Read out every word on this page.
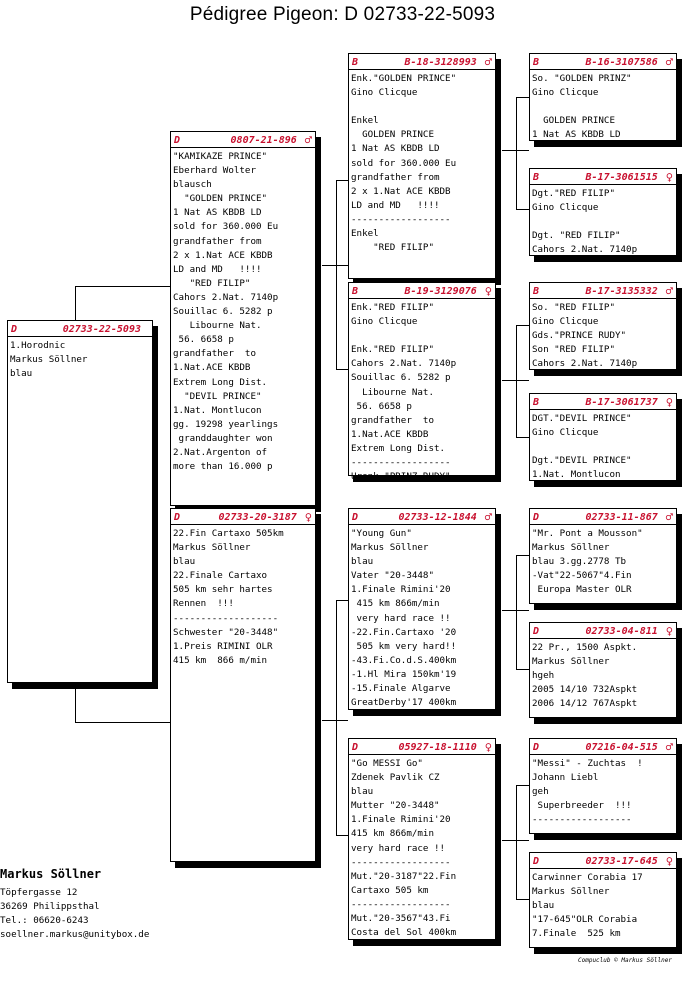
Pédigree Pigeon: D 02733-22-5093
D	02733-22-5093
1.Horodnic
Markus Söllner
blau
D	0807-21-896 ♂
"KAMIKAZE PRINCE"
Eberhard Wolter
blausch
"GOLDEN PRINCE"
1 Nat AS KBDB LD
sold for 360.000 Eu
grandfather from
2 x 1.Nat ACE KBDB
LD and MD   !!!!
"RED FILIP"
Cahors 2.Nat. 7140p
Souillac 6. 5282 p
Libourne Nat.
56. 6658 p
grandfather  to
1.Nat.ACE KBDB
Extrem Long Dist.
"DEVIL PRINCE"
1.Nat. Montlucon
gg. 19298 yearlings
granddaughter won
2.Nat.Argenton of
more than 16.000 p
D	02733-20-3187 ♀
22.Fin Cartaxo 505km
Markus Söllner
blau
22.Finale Cartaxo
505 km sehr hartes
Rennen  !!!
-------------------
Schwester "20-3448"
1.Preis RIMINI OLR
415 km  866 m/min
B	B-18-3128993 ♂
Enk."GOLDEN PRINCE"
Gino Clicque

Enkel
GOLDEN PRINCE
1 Nat AS KBDB LD
sold for 360.000 Eu
grandfather from
2 x 1.Nat ACE KBDB
LD and MD   !!!!
------------------
Enkel
"RED FILIP"
B	B-19-3129076 ♀
Enk."RED FILIP"
Gino Clicque

Enk."RED FILIP"
Cahors 2.Nat. 7140p
Souillac 6. 5282 p
Libourne Nat.
56. 6658 p
grandfather  to
1.Nat.ACE KBDB
Extrem Long Dist.
------------------
Urenk."PRINZ RUDY"
D	02733-12-1844 ♂
"Young Gun"
Markus Söllner
blau
Vater "20-3448"
1.Finale Rimini'20
415 km 866m/min
very hard race !!
-22.Fin.Cartaxo '20
505 km very hard!!
-43.Fi.Co.d.S.400km
-1.Hl Mira 150km'19
-15.Finale Algarve
GreatDerby'17 400km
D	05927-18-1110 ♀
"Go MESSI Go"
Zdenek Pavlik CZ
blau
Mutter "20-3448"
1.Finale Rimini'20
415 km 866m/min
very hard race !!
------------------
Mut."20-3187"22.Fin
Cartaxo 505 km
------------------
Mut."20-3567"43.Fi
Costa del Sol 400km
B	B-16-3107586 ♂
So. "GOLDEN PRINZ"
Gino Clicque

GOLDEN PRINCE
1 Nat AS KBDB LD
B	B-17-3061515 ♀
Dgt."RED FILIP"
Gino Clicque

Dgt. "RED FILIP"
Cahors 2.Nat. 7140p
B	B-17-3135332 ♂
So. "RED FILIP"
Gino Clicque
Gds."PRINCE RUDY"
Son "RED FILIP"
Cahors 2.Nat. 7140p
B	B-17-3061737 ♀
DGT."DEVIL PRINCE"
Gino Clicque

Dgt."DEVIL PRINCE"
1.Nat. Montlucon
D	02733-11-867 ♂
"Mr. Pont a Mousson"
Markus Söllner
blau 3.gg.2778 Tb
-Vat"22-5067"4.Fin
Europa Master OLR
D	02733-04-811 ♀
22 Pr., 1500 Aspkt.
Markus Söllner
hgeh
2005 14/10 732Aspkt
2006 14/12 767Aspkt
D	07216-04-515 ♂
"Messi" - Zuchtas  !
Johann Liebl
geh
Superbreeder  !!!
------------------
D	02733-17-645 ♀
Carwinner Corabia 17
Markus Söllner
blau
"17-645"OLR Corabia
7.Finale  525 km
Markus Söllner
Töpfergasse 12
36269 Philippsthal
Tel.: 06620-6243
soellner.markus@unitybox.de
Compuclub © Markus Söllner
